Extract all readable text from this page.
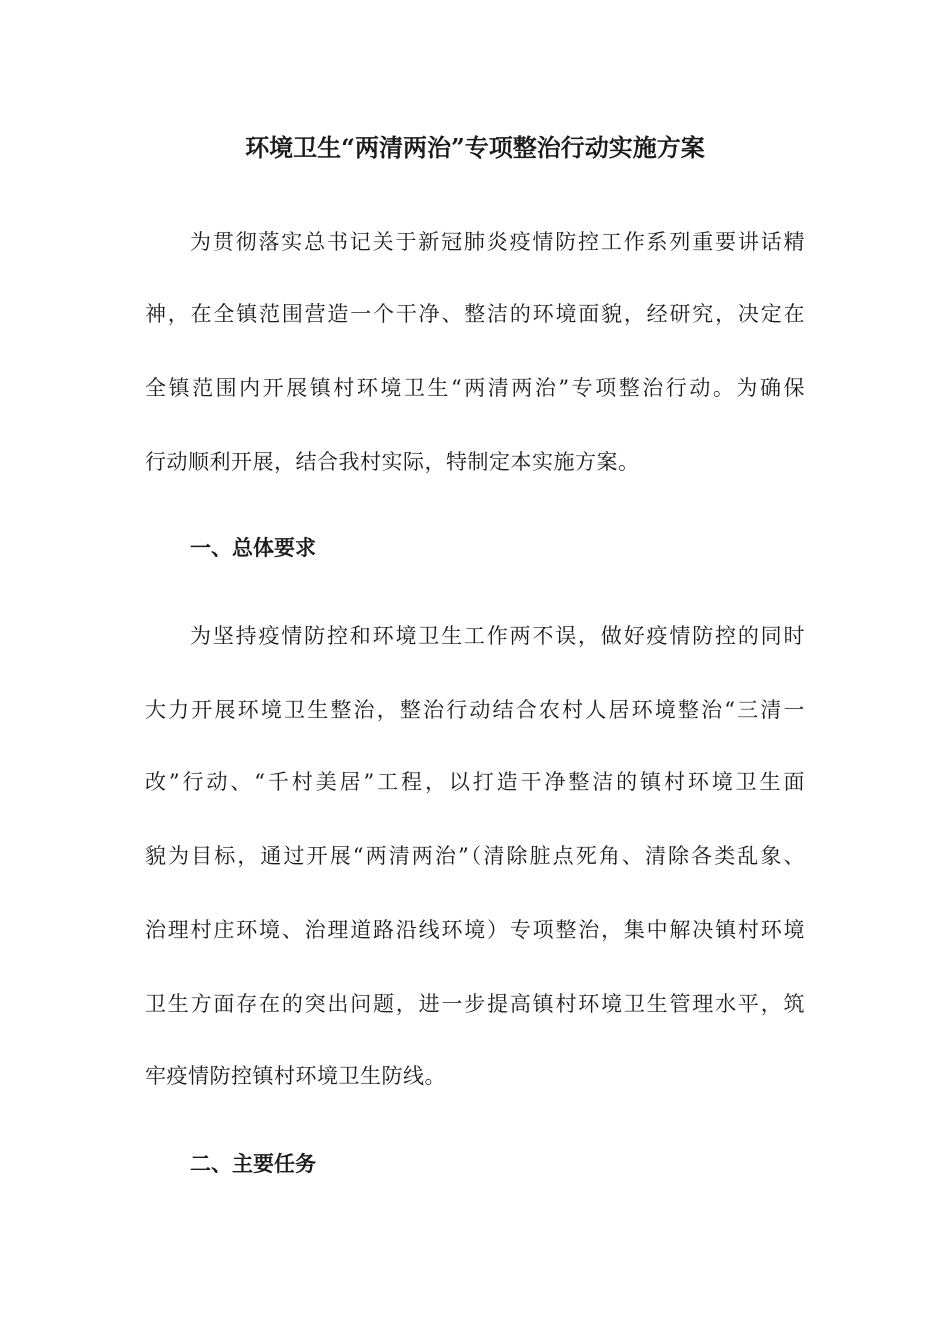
环境卫生“两清两治”专项整治行动实施方案
为贯彻落实总书记关于新冠肺炎疫情防控工作系列重要讲话精
神，在全镇范围营造一个干净、整洁的环境面貌，经研究，决定在
全镇范围内开展镇村环境卫生“两清两治”专项整治行动。为确保
行动顺利开展，结合我村实际，特制定本实施方案。
一、总体要求
为坚持疫情防控和环境卫生工作两不误，做好疫情防控的同时
大力开展环境卫生整治，整治行动结合农村人居环境整治“三清一
改”行动、“千村美居”工程，以打造干净整洁的镇村环境卫生面
貌为目标，通过开展“两清两治”（清除脏点死角、清除各类乱象、
治理村庄环境、治理道路沿线环境）专项整治，集中解决镇村环境
卫生方面存在的突出问题，进一步提高镇村环境卫生管理水平，筑
牢疫情防控镇村环境卫生防线。
二、主要任务
